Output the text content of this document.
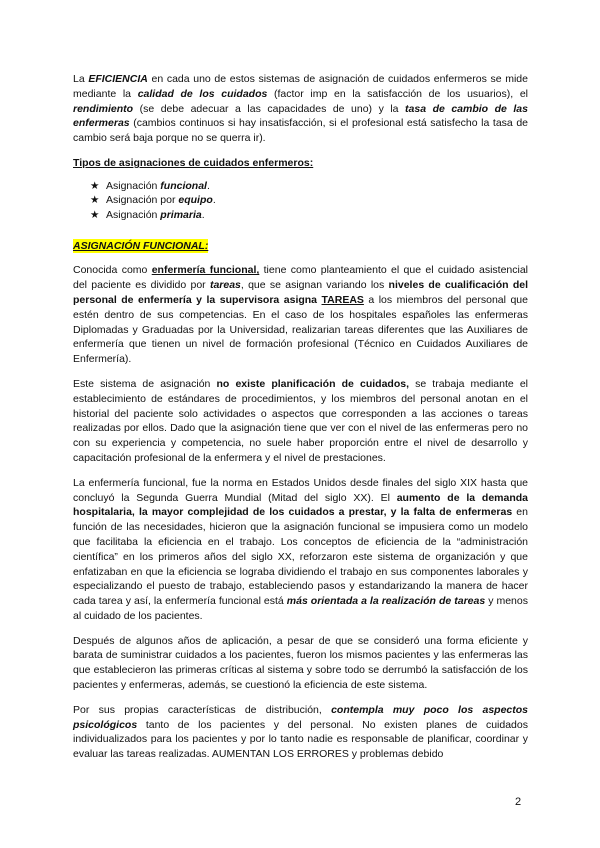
La EFICIENCIA en cada uno de estos sistemas de asignación de cuidados enfermeros se mide mediante la calidad de los cuidados (factor imp en la satisfacción de los usuarios), el rendimiento (se debe adecuar a las capacidades de uno) y la tasa de cambio de las enfermeras (cambios continuos si hay insatisfacción, si el profesional está satisfecho la tasa de cambio será baja porque no se querra ir).

Tipos de asignaciones de cuidados enfermeros:
★ Asignación funcional.
★ Asignación por equipo.
★ Asignación primaria.
ASIGNACIÓN FUNCIONAL:

Conocida como enfermería funcional, tiene como planteamiento el que el cuidado asistencial del paciente es dividido por tareas, que se asignan variando los niveles de cualificación del personal de enfermería y la supervisora asigna TAREAS a los miembros del personal que estén dentro de sus competencias. En el caso de los hospitales españoles las enfermeras Diplomadas y Graduadas por la Universidad, realizarian tareas diferentes que las Auxiliares de enfermería que tienen un nivel de formación profesional (Técnico en Cuidados Auxiliares de Enfermería).

Este sistema de asignación no existe planificación de cuidados, se trabaja mediante el establecimiento de estándares de procedimientos, y los miembros del personal anotan en el historial del paciente solo actividades o aspectos que corresponden a las acciones o tareas realizadas por ellos. Dado que la asignación tiene que ver con el nivel de las enfermeras pero no con su experiencia y competencia, no suele haber proporción entre el nivel de desarrollo y capacitación profesional de la enfermera y el nivel de prestaciones.

La enfermería funcional, fue la norma en Estados Unidos desde finales del siglo XIX hasta que concluyó la Segunda Guerra Mundial (Mitad del siglo XX). El aumento de la demanda hospitalaria, la mayor complejidad de los cuidados a prestar, y la falta de enfermeras en función de las necesidades, hicieron que la asignación funcional se impusiera como un modelo que facilitaba la eficiencia en el trabajo. Los conceptos de eficiencia de la “administración científica” en los primeros años del siglo XX, reforzaron este sistema de organización y que enfatizaban en que la eficiencia se lograba dividiendo el trabajo en sus componentes laborales y especializando el puesto de trabajo, estableciendo pasos y estandarizando la manera de hacer cada tarea y así, la enfermería funcional está más orientada a la realización de tareas y menos al cuidado de los pacientes.

Después de algunos años de aplicación, a pesar de que se consideró una forma eficiente y barata de suministrar cuidados a los pacientes, fueron los mismos pacientes y las enfermeras las que establecieron las primeras críticas al sistema y sobre todo se derrumbó la satisfacción de los pacientes y enfermeras, además, se cuestionó la eficiencia de este sistema.

Por sus propias características de distribución, contempla muy poco los aspectos psicológicos tanto de los pacientes y del personal. No existen planes de cuidados individualizados para los pacientes y por lo tanto nadie es responsable de planificar, coordinar y evaluar las tareas realizadas. AUMENTAN LOS ERRORES y problemas debido

2
